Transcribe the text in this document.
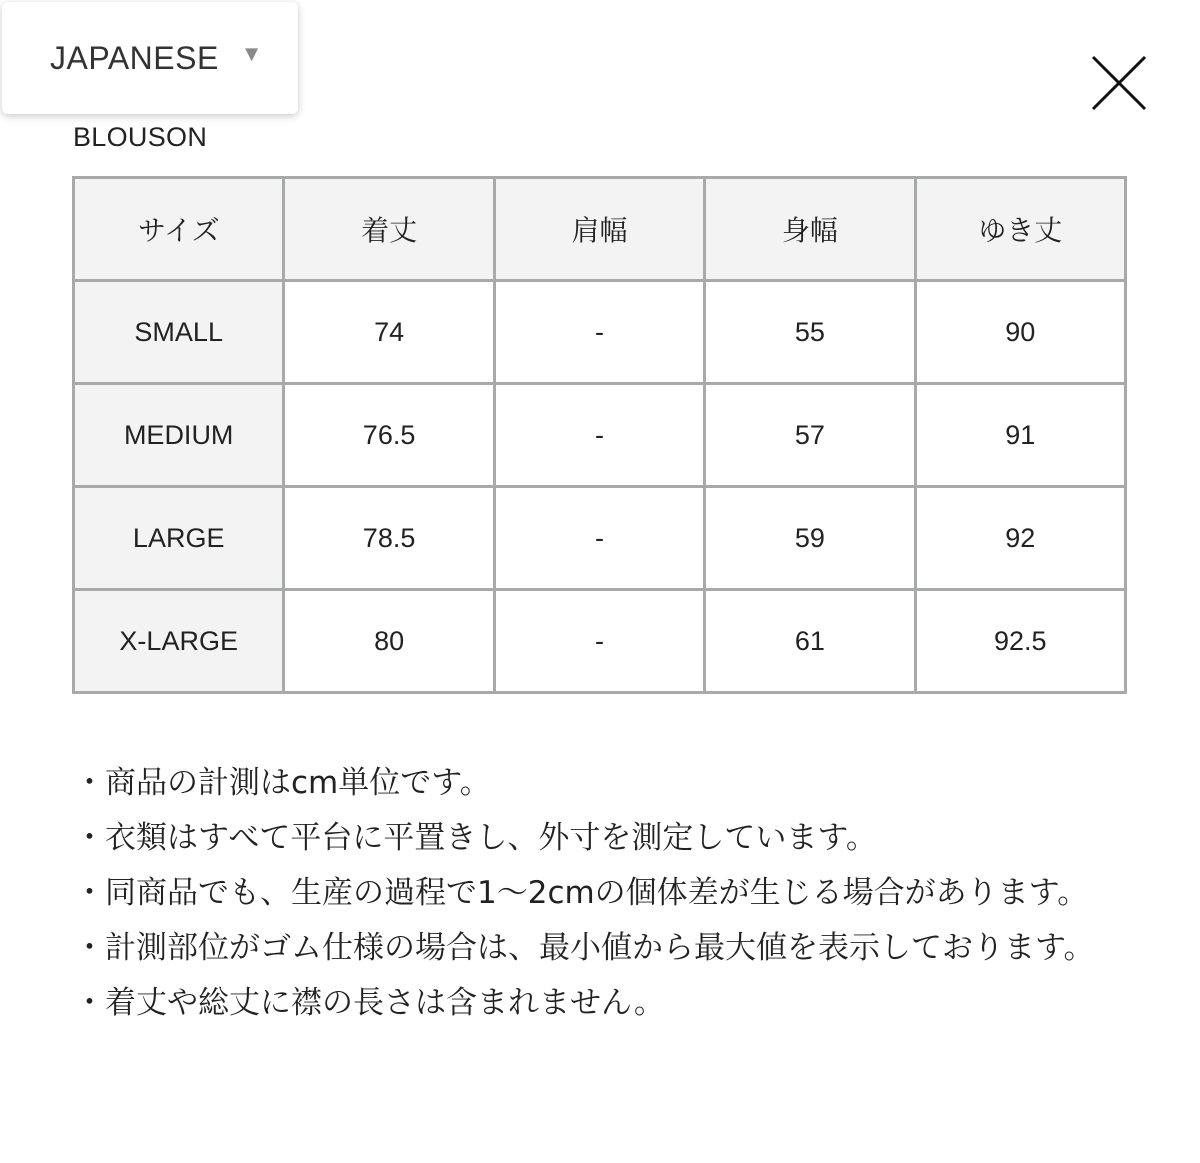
JAPANESE ▼
BLOUSON
サイズ	着丈	肩幅	身幅	ゆき丈
SMALL	74	-	55	90
MEDIUM	76.5	-	57	91
LARGE	78.5	-	59	92
X-LARGE	80	-	61	92.5
・商品の計測はcm単位です。
・衣類はすべて平台に平置きし、外寸を測定しています。
・同商品でも、生産の過程で1〜2cmの個体差が生じる場合があります。
・計測部位がゴム仕様の場合は、最小値から最大値を表示しております。
・着丈や総丈に襟の長さは含まれません。
